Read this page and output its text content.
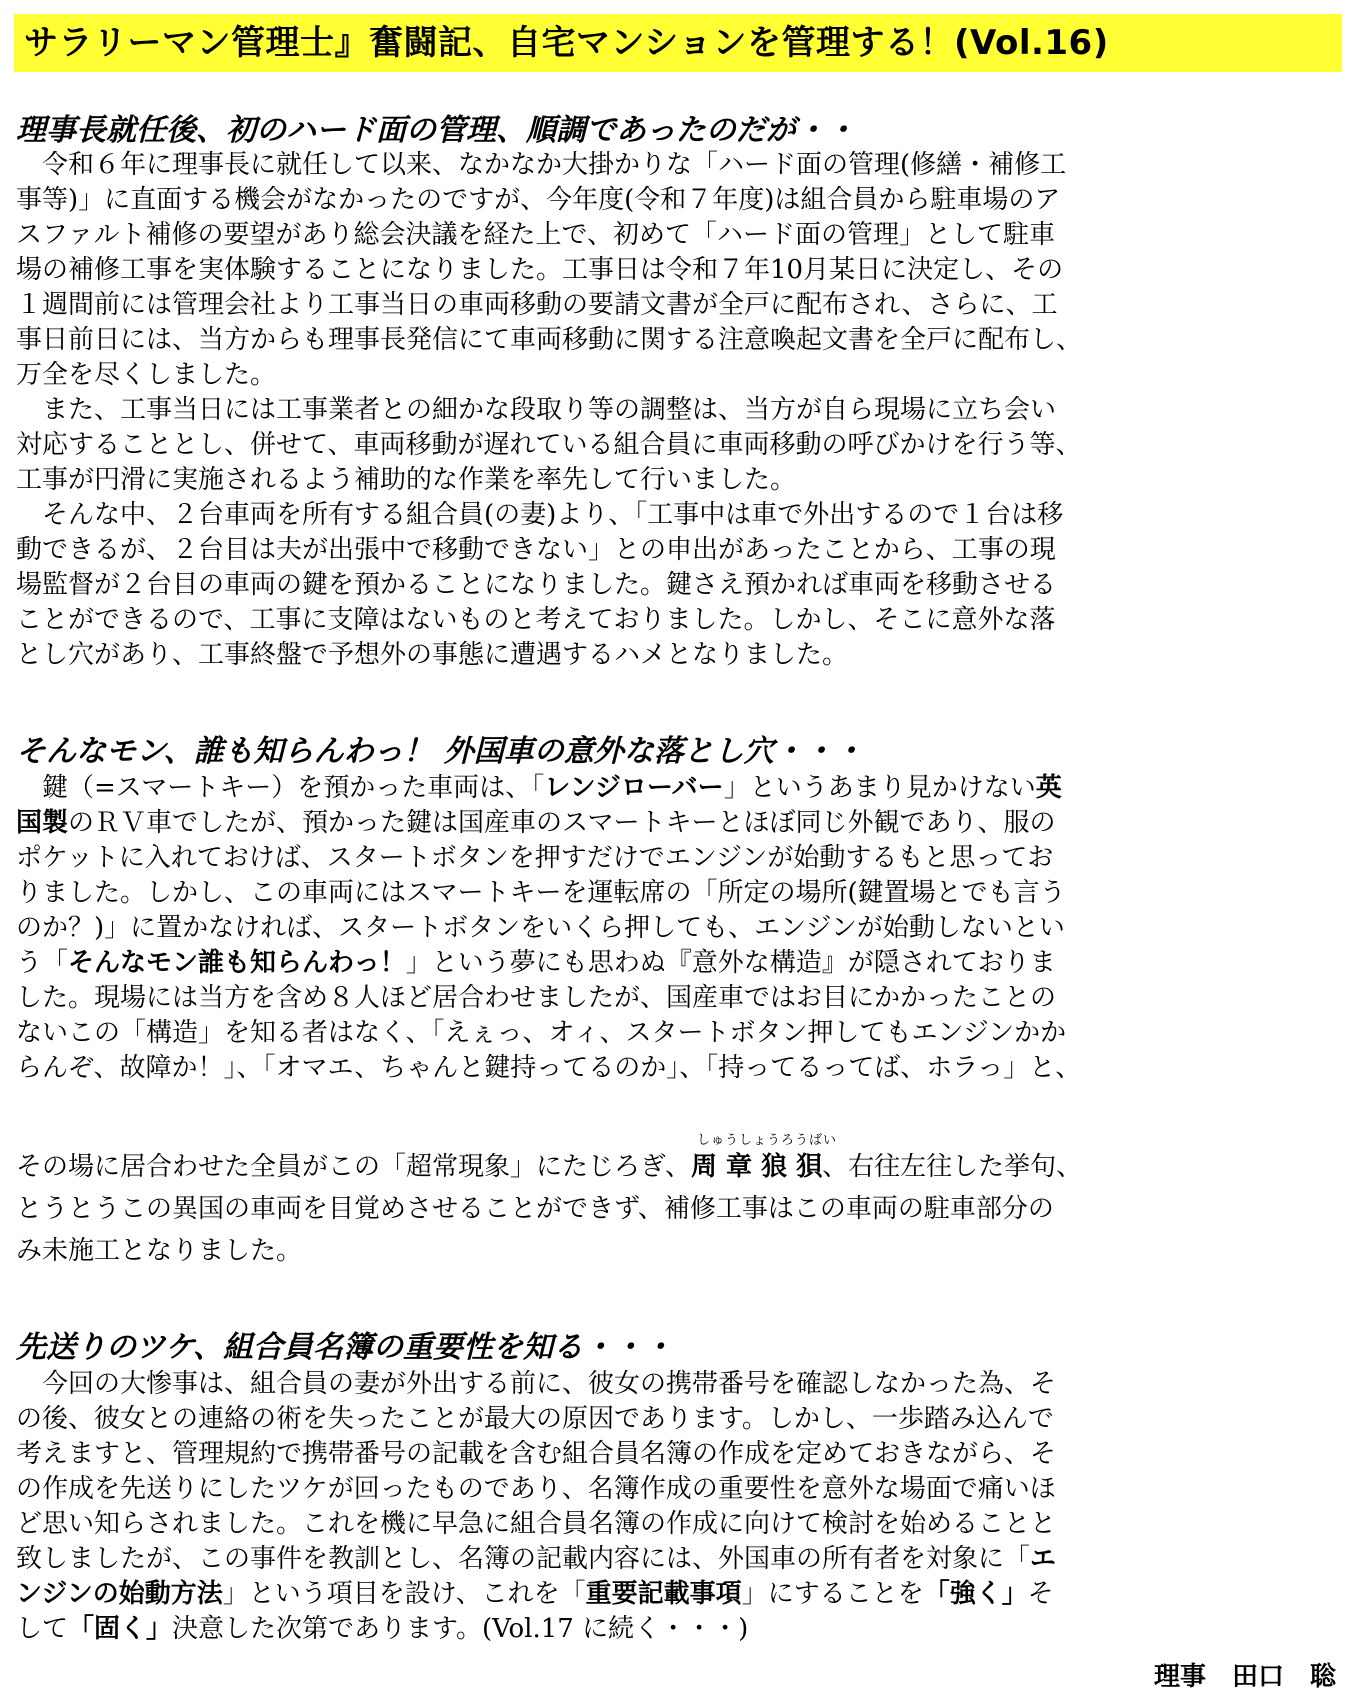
サラリーマン管理士』奮闘記、自宅マンションを管理する！(Vol.16)
理事長就任後、初のハード面の管理、順調であったのだが・・
　令和６年に理事長に就任して以来、なかなか大掛かりな「ハード面の管理(修繕・補修工
事等)」に直面する機会がなかったのですが、今年度(令和７年度)は組合員から駐車場のア
スファルト補修の要望があり総会決議を経た上で、初めて「ハード面の管理」として駐車
場の補修工事を実体験することになりました。工事日は令和７年10月某日に決定し、その
１週間前には管理会社より工事当日の車両移動の要請文書が全戸に配布され、さらに、工
事日前日には、当方からも理事長発信にて車両移動に関する注意喚起文書を全戸に配布し、
万全を尽くしました。
　また、工事当日には工事業者との細かな段取り等の調整は、当方が自ら現場に立ち会い
対応することとし、併せて、車両移動が遅れている組合員に車両移動の呼びかけを行う等、
工事が円滑に実施されるよう補助的な作業を率先して行いました。
　そんな中、２台車両を所有する組合員(の妻)より、「工事中は車で外出するので１台は移
動できるが、２台目は夫が出張中で移動できない」との申出があったことから、工事の現
場監督が２台目の車両の鍵を預かることになりました。鍵さえ預かれば車両を移動させる
ことができるので、工事に支障はないものと考えておりました。しかし、そこに意外な落
とし穴があり、工事終盤で予想外の事態に遭遇するハメとなりました。
そんなモン、誰も知らんわっ！ 外国車の意外な落とし穴・・・
　鍵（=スマートキー）を預かった車両は、「レンジローバー」というあまり見かけない英
国製のＲＶ車でしたが、預かった鍵は国産車のスマートキーとほぼ同じ外観であり、服の
ポケットに入れておけば、スタートボタンを押すだけでエンジンが始動するもと思ってお
りました。しかし、この車両にはスマートキーを運転席の「所定の場所(鍵置場とでも言う
のか？)」に置かなければ、スタートボタンをいくら押しても、エンジンが始動しないとい
う「そんなモン誰も知らんわっ！」という夢にも思わぬ『意外な構造』が隠されておりま
した。現場には当方を含め８人ほど居合わせましたが、国産車ではお目にかかったことの
ないこの「構造」を知る者はなく、「えぇっ、オィ、スタートボタン押してもエンジンかか
らんぞ、故障か！」、「オマエ、ちゃんと鍵持ってるのか」、「持ってるってば、ホラっ」と、
その場に居合わせた全員がこの「超常現象」にたじろぎ、
しゅうしょうろうばい
周 章 狼 狽、右往左往した挙句、
とうとうこの異国の車両を目覚めさせることができず、補修工事はこの車両の駐車部分の
み未施工となりました。
先送りのツケ、組合員名簿の重要性を知る・・・
　今回の大惨事は、組合員の妻が外出する前に、彼女の携帯番号を確認しなかった為、そ
の後、彼女との連絡の術を失ったことが最大の原因であります。しかし、一歩踏み込んで
考えますと、管理規約で携帯番号の記載を含む組合員名簿の作成を定めておきながら、そ
の作成を先送りにしたツケが回ったものであり、名簿作成の重要性を意外な場面で痛いほ
ど思い知らされました。これを機に早急に組合員名簿の作成に向けて検討を始めることと
致しましたが、この事件を教訓とし、名簿の記載内容には、外国車の所有者を対象に「エ
ンジンの始動方法」という項目を設け、これを「重要記載事項」にすることを「強く」そ
して「固く」決意した次第であります。(Vol.17 に続く・・・)
理事　田口　聡
